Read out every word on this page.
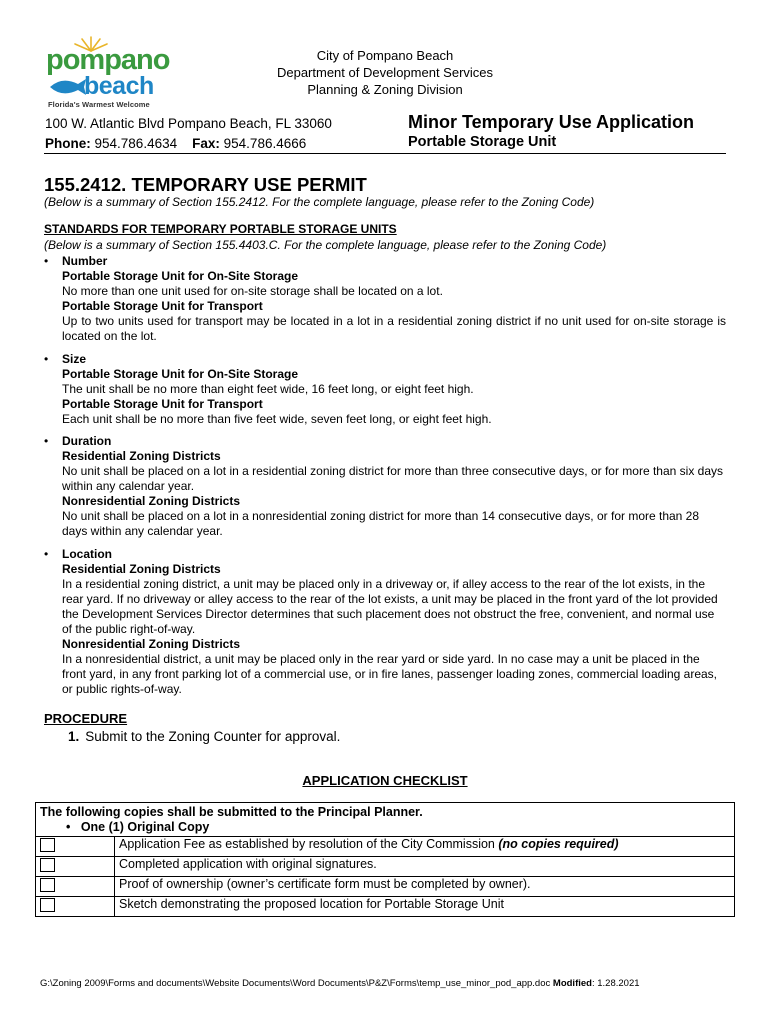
pompano
beach
Florida's Warmest Welcome
City of Pompano Beach
Department of Development Services
Planning & Zoning Division
100 W. Atlantic Blvd Pompano Beach, FL 33060
Phone: 954.786.4634 Fax: 954.786.4666
Minor Temporary Use Application
Portable Storage Unit
155.2412. TEMPORARY USE PERMIT
(Below is a summary of Section 155.2412. For the complete language, please refer to the Zoning Code)
STANDARDS FOR TEMPORARY PORTABLE STORAGE UNITS
(Below is a summary of Section 155.4403.C. For the complete language, please refer to the Zoning Code)
• Number
Portable Storage Unit for On-Site Storage
No more than one unit used for on-site storage shall be located on a lot.
Portable Storage Unit for Transport
Up to two units used for transport may be located in a lot in a residential zoning district if no unit used for on-site storage is located on the lot.
• Size
Portable Storage Unit for On-Site Storage
The unit shall be no more than eight feet wide, 16 feet long, or eight feet high.
Portable Storage Unit for Transport
Each unit shall be no more than five feet wide, seven feet long, or eight feet high.
• Duration
Residential Zoning Districts
No unit shall be placed on a lot in a residential zoning district for more than three consecutive days, or for more than six days within any calendar year.
Nonresidential Zoning Districts
No unit shall be placed on a lot in a nonresidential zoning district for more than 14 consecutive days, or for more than 28 days within any calendar year.
• Location
Residential Zoning Districts
In a residential zoning district, a unit may be placed only in a driveway or, if alley access to the rear of the lot exists, in the rear yard. If no driveway or alley access to the rear of the lot exists, a unit may be placed in the front yard of the lot provided the Development Services Director determines that such placement does not obstruct the free, convenient, and normal use of the public right-of-way.
Nonresidential Zoning Districts
In a nonresidential district, a unit may be placed only in the rear yard or side yard. In no case may a unit be placed in the front yard, in any front parking lot of a commercial use, or in fire lanes, passenger loading zones, commercial loading areas, or public rights-of-way.
PROCEDURE
1. Submit to the Zoning Counter for approval.
APPLICATION CHECKLIST
The following copies shall be submitted to the Principal Planner.
• One (1) Original Copy	

	Application Fee as established by resolution of the City Commission (no copies required)
	Completed application with original signatures.
	Proof of ownership (owner’s certificate form must be completed by owner).
	Sketch demonstrating the proposed location for Portable Storage Unit
G:\Zoning 2009\Forms and documents\Website Documents\Word Documents\P&Z\Forms\temp_use_minor_pod_app.doc Modified: 1.28.2021
